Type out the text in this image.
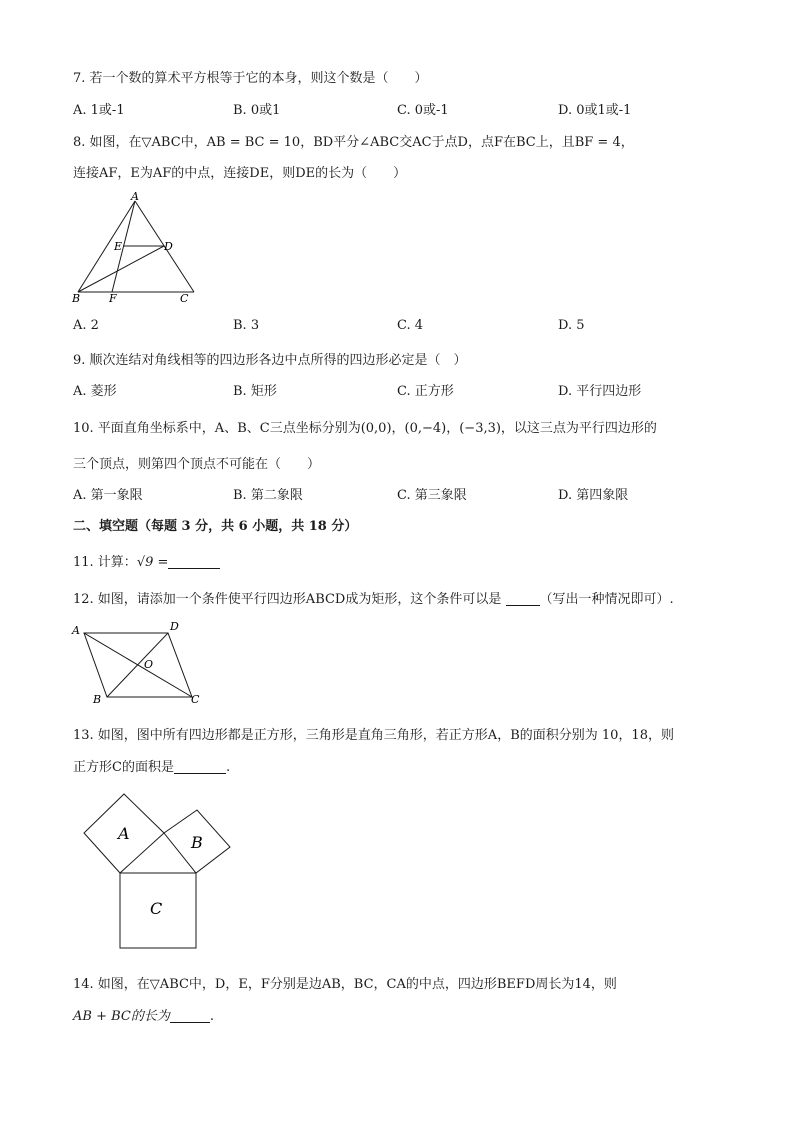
7. 若一个数的算术平方根等于它的本身，则这个数是（　　）
A. 1或-1	B. 0或1	C. 0或-1	D. 0或1或-1
8. 如图，在▽ABC中，AB = BC = 10，BD平分∠ABC交AC于点D，点F在BC上，且BF = 4，
连接AF，E为AF的中点，连接DE，则DE的长为（　　）
A
E	D
B	F	C
A. 2	B. 3	C. 4	D. 5
9. 顺次连结对角线相等的四边形各边中点所得的四边形必定是（　）
A. 菱形	B. 矩形	C. 正方形	D. 平行四边形
10. 平面直角坐标系中，A、B、C三点坐标分别为(0,0)，(0,−4)，(−3,3)，以这三点为平行四边形的
三个顶点，则第四个顶点不可能在（　　）
A. 第一象限	B. 第二象限	C. 第三象限	D. 第四象限
二、填空题（每题 3 分，共 6 小题，共 18 分）
11. 计算：√9 =
12. 如图，请添加一个条件使平行四边形ABCD成为矩形，这个条件可以是	（写出一种情况即可）.
A	D
O
B	C
13. 如图，图中所有四边形都是正方形，三角形是直角三角形，若正方形A，B的面积分别为 10，18，则
正方形C的面积是	.
A	B
C
14. 如图，在▽ABC中，D，E，F分别是边AB，BC，CA的中点，四边形BEFD周长为14，则
AB + BC的长为	.
